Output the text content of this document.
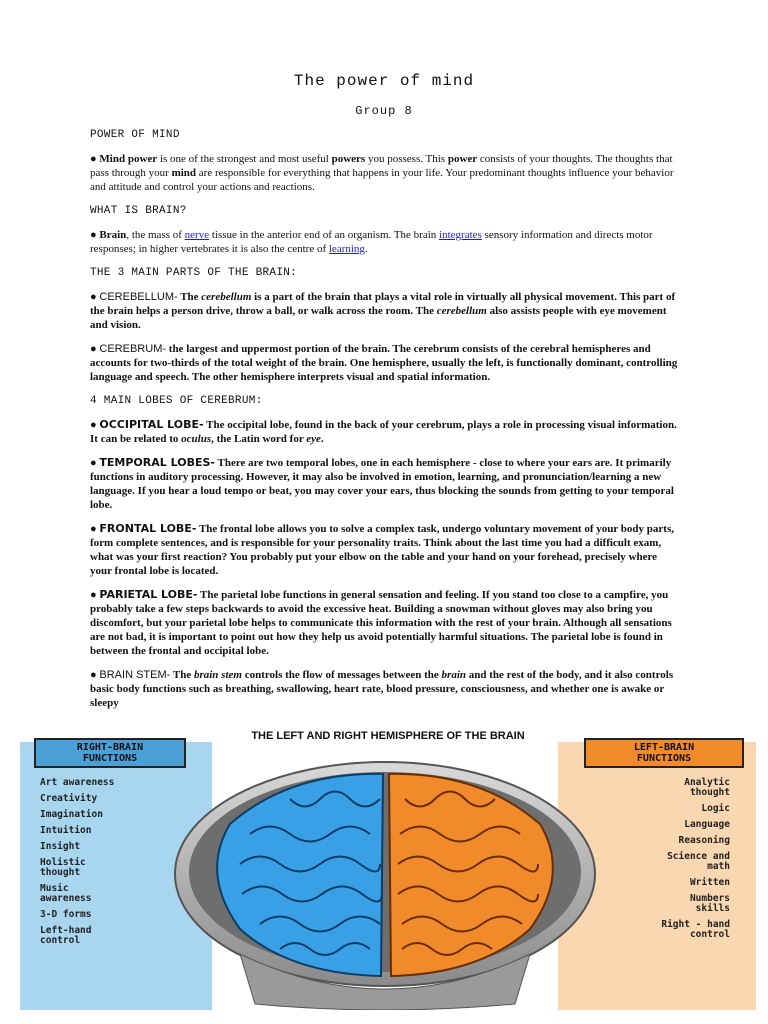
The power of mind
Group 8
POWER OF MIND

● Mind power is one of the strongest and most useful powers you possess. This power consists of your thoughts. The thoughts that pass through your mind are responsible for everything that happens in your life. Your predominant thoughts influence your behavior and attitude and control your actions and reactions.

WHAT IS BRAIN?

● Brain, the mass of nerve tissue in the anterior end of an organism. The brain integrates sensory information and directs motor responses; in higher vertebrates it is also the centre of learning.

THE 3 MAIN PARTS OF THE BRAIN:

● CEREBELLUM- The cerebellum is a part of the brain that plays a vital role in virtually all physical movement. This part of the brain helps a person drive, throw a ball, or walk across the room. The cerebellum also assists people with eye movement and vision.

● CEREBRUM- the largest and uppermost portion of the brain. The cerebrum consists of the cerebral hemispheres and accounts for two-thirds of the total weight of the brain. One hemisphere, usually the left, is functionally dominant, controlling language and speech. The other hemisphere interprets visual and spatial information.

4 MAIN LOBES OF CEREBRUM:

● OCCIPITAL LOBE- The occipital lobe, found in the back of your cerebrum, plays a role in processing visual information. It can be related to oculus, the Latin word for eye.

● TEMPORAL LOBES- There are two temporal lobes, one in each hemisphere - close to where your ears are. It primarily functions in auditory processing. However, it may also be involved in emotion, learning, and pronunciation/learning a new language. If you hear a loud tempo or beat, you may cover your ears, thus blocking the sounds from getting to your temporal lobe.

● FRONTAL LOBE- The frontal lobe allows you to solve a complex task, undergo voluntary movement of your body parts, form complete sentences, and is responsible for your personality traits. Think about the last time you had a difficult exam, what was your first reaction? You probably put your elbow on the table and your hand on your forehead, precisely where your frontal lobe is located.

● PARIETAL LOBE- The parietal lobe functions in general sensation and feeling. If you stand too close to a campfire, you probably take a few steps backwards to avoid the excessive heat. Building a snowman without gloves may also bring you discomfort, but your parietal lobe helps to communicate this information with the rest of your brain. Although all sensations are not bad, it is important to point out how they help us avoid potentially harmful situations. The parietal lobe is found in between the frontal and occipital lobe.

● BRAIN STEM- The brain stem controls the flow of messages between the brain and the rest of the body, and it also controls basic body functions such as breathing, swallowing, heart rate, blood pressure, consciousness, and whether one is awake or sleepy

THE LEFT AND RIGHT HEMISPHERE OF THE BRAIN
RIGHT-BRAIN
FUNCTIONS
LEFT-BRAIN
FUNCTIONS
Art awareness
Creativity
Imagination
Intuition
Insight
Holistic thought
Music awareness
3-D forms
Left-hand control
Analytic thought
Logic
Language
Reasoning
Science and math
Written
Numbers skills
Right - hand control
